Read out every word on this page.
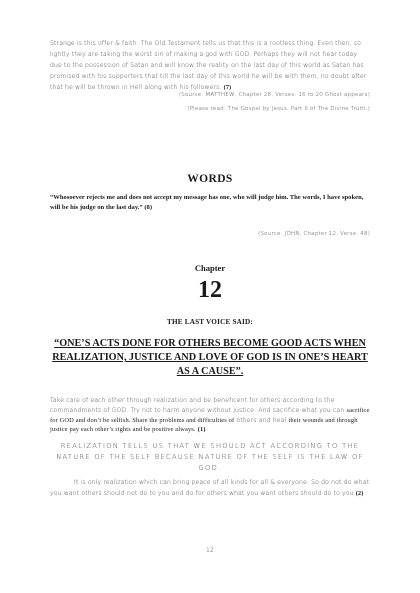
Strange is this offer & faith. The Old Testament tells us that this is a rootless thing. Even then, so lightly they are taking the worst sin of making a god with GOD. Perhaps they will not hear today due to the possession of Satan and will know the reality on the last day of this world as Satan has promised with his supporters that till the last day of this world he will be with them, no doubt after that he will be thrown in Hell along with his followers. (7)
(Source: MATTHEW, Chapter 28, Verses: 16 to 20 Ghost appears)
(Please read: The Gospel by Jesus, Part II of The Divine Truth.)
WORDS
“Whosoever rejects me and does not accept my message has one, who will judge him. The words, I have spoken, will be his judge on the last day.” (8)
(Source: JOHN, Chapter 12, Verse: 48)
Chapter
12
THE LAST VOICE SAID:
“ONE’S ACTS DONE FOR OTHERS BECOME GOOD ACTS WHEN REALIZATION, JUSTICE AND LOVE OF GOD IS IN ONE’S HEART AS A CAUSE”.
Take care of each other through realization and be beneficent for others according to the commandments of GOD. Try not to harm anyone without justice. And sacrifice what you can sacrifice for GOD and don’t be selfish. Share the problems and difficulties of others and heal their wounds and through justice pay each other’s rights and be positive always. (1)
REALIZATION TELLS US THAT WE SHOULD ACT ACCORDING TO THE NATURE OF THE SELF BECAUSE NATURE OF THE SELF IS THE LAW OF GOD.
It is only realization which can bring peace of all kinds for all & everyone. So do not do what you want others should not do to you and do for others what you want others should do to you.(2)
12
